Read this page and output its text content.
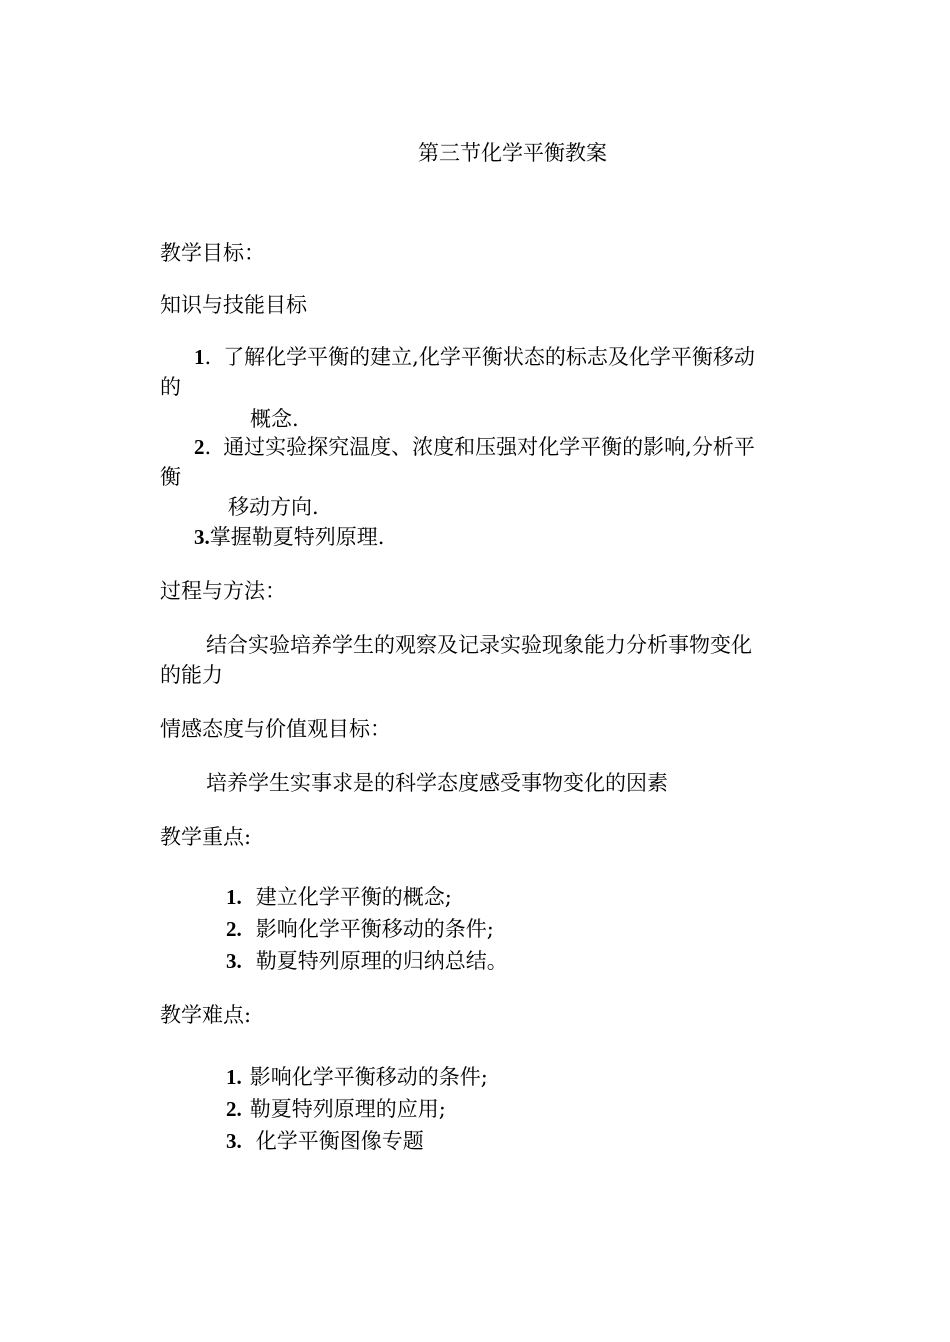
第三节化学平衡教案
教学目标：
知识与技能目标
1. 了解化学平衡的建立,化学平衡状态的标志及化学平衡移动
的
概念.
2. 通过实验探究温度、浓度和压强对化学平衡的影响,分析平
衡
移动方向.
3.掌握勒夏特列原理.
过程与方法：
结合实验培养学生的观察及记录实验现象能力分析事物变化
的能力
情感态度与价值观目标：
培养学生实事求是的科学态度感受事物变化的因素
教学重点:
1. 建立化学平衡的概念;
2. 影响化学平衡移动的条件;
3. 勒夏特列原理的归纳总结。
教学难点:
1. 影响化学平衡移动的条件;
2. 勒夏特列原理的应用;
3. 化学平衡图像专题
